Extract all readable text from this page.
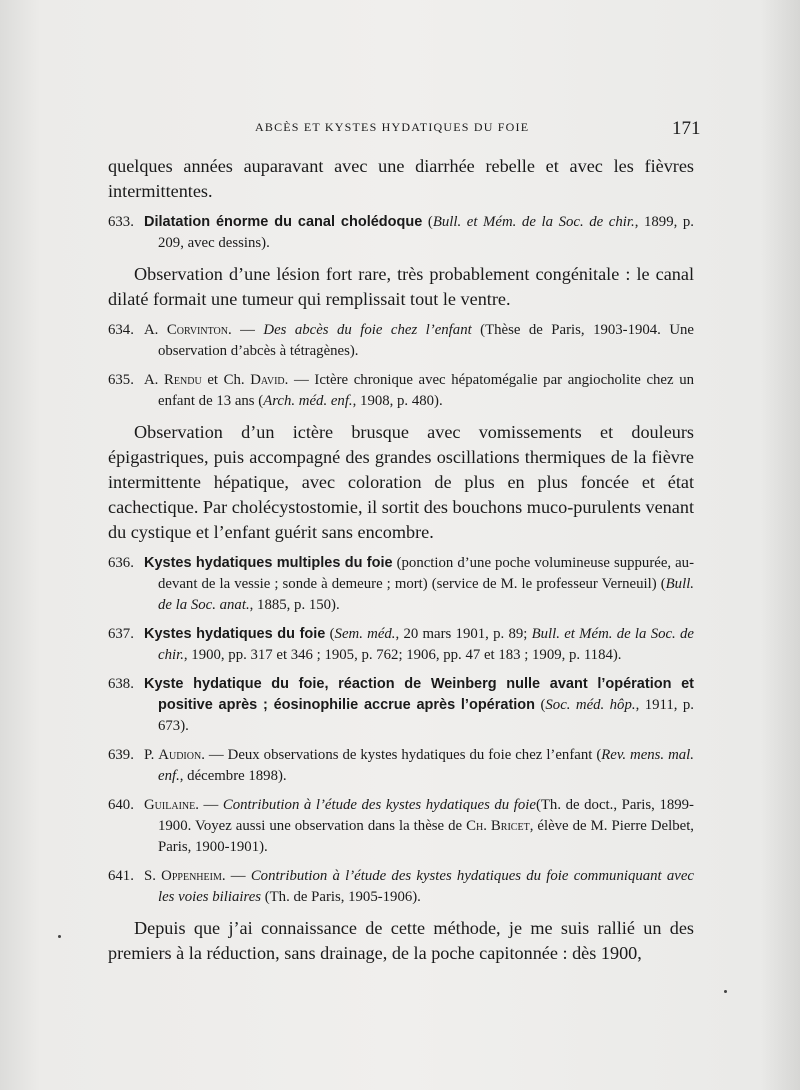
ABCÈS ET KYSTES HYDATIQUES DU FOIE	171

quelques années auparavant avec une diarrhée rebelle et avec les fièvres intermittentes.

633. Dilatation énorme du canal cholédoque (Bull. et Mém. de la Soc. de chir., 1899, p. 209, avec dessins).

Observation d’une lésion fort rare, très probablement congénitale : le canal dilaté formait une tumeur qui remplissait tout le ventre.

634. A. Corvinton. — Des abcès du foie chez l’enfant (Thèse de Paris, 1903-1904. Une observation d’abcès à tétragènes).

635. A. Rendu et Ch. David. — Ictère chronique avec hépatomégalie par angiocholite chez un enfant de 13 ans (Arch. méd. enf., 1908, p. 480).

Observation d’un ictère brusque avec vomissements et douleurs épigastriques, puis accompagné des grandes oscillations thermiques de la fièvre intermittente hépatique, avec coloration de plus en plus foncée et état cachectique. Par cholécystostomie, il sortit des bouchons muco-purulents venant du cystique et l’enfant guérit sans encombre.

636. Kystes hydatiques multiples du foie (ponction d’une poche volumineuse suppurée, au-devant de la vessie ; sonde à demeure ; mort) (service de M. le professeur Verneuil) (Bull. de la Soc. anat., 1885, p. 150).

637. Kystes hydatiques du foie (Sem. méd., 20 mars 1901, p. 89; Bull. et Mém. de la Soc. de chir., 1900, pp. 317 et 346 ; 1905, p. 762; 1906, pp. 47 et 183 ; 1909, p. 1184).

638. Kyste hydatique du foie, réaction de Weinberg nulle avant l’opération et positive après ; éosinophilie accrue après l’opération (Soc. méd. hôp., 1911, p. 673).

639. P. Audion. — Deux observations de kystes hydatiques du foie chez l’enfant (Rev. mens. mal. enf., décembre 1898).

640. Guilaine. — Contribution à l’étude des kystes hydatiques du foie(Th. de doct., Paris, 1899-1900. Voyez aussi une observation dans la thèse de Ch. Bricet, élève de M. Pierre Delbet, Paris, 1900-1901).

641. S. Oppenheim. — Contribution à l’étude des kystes hydatiques du foie communiquant avec les voies biliaires (Th. de Paris, 1905-1906).

Depuis que j’ai connaissance de cette méthode, je me suis rallié un des premiers à la réduction, sans drainage, de la poche capitonnée : dès 1900,
